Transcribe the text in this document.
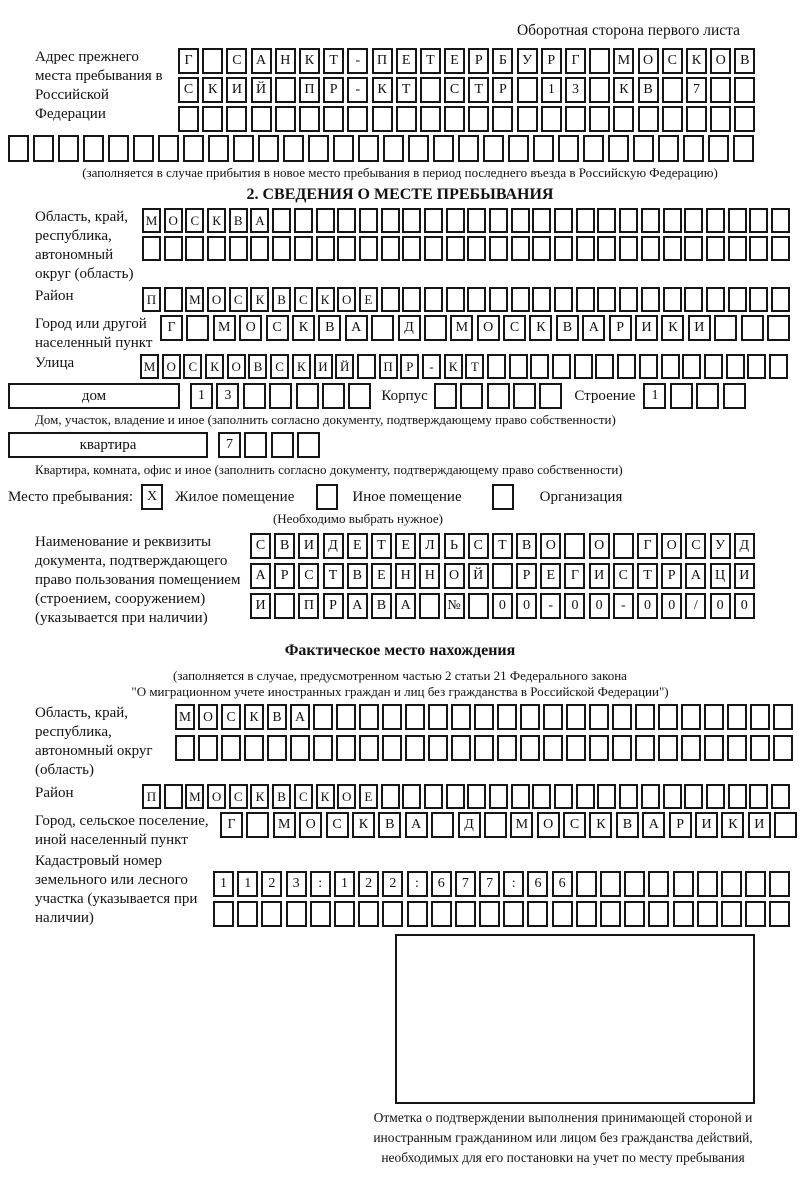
Оборотная сторона первого листа
Адрес прежнего места пребывания в Российской Федерации
Г	С	А	Н	К	Т	-	П	Е	Т	Е	Р	Б	У	Р	Г	М О	С	К	О	В
С	К	И	Й	П	Р	-	К	Т	С	Т	Р	1	3	К	В	7
(заполняется в случае прибытия в новое место пребывания в период последнего въезда в Российскую Федерацию)
2. СВЕДЕНИЯ О МЕСТЕ ПРЕБЫВАНИЯ
Область, край, республика, автономный округ (область)
М О С	К	В А
Район	П	М О С	К	В	С	К О	Е
Город или другой населенный пункт
Г	М	О	С	К	В	А	Д	М	О	С	К	В	А	Р	И	К	И
Улица	М О С	К О В	С	К И Й	П	Р	-	К	Т
дом	1	3	Корпус	Строение	1
Дом, участок, владение и иное (заполнить согласно документу, подтверждающему право собственности)
квартира	7
Квартира, комната, офис и иное (заполнить согласно документу, подтверждающему право собственности)
Место пребывания: X	Жилое помещение	Иное помещение	Организация
(Необходимо выбрать нужное)
Наименование и реквизиты документа, подтверждающего право пользования помещением (строением, сооружением) (указывается при наличии)
С	В	И	Д	Е	Т	Е	Л	Ь	С	Т	В	О	О	Г	О	С	У	Д
А	Р	С	Т	В	Е	Н	Н	О	Й	Р	Е	Г	И	С	Т	Р	А	Ц	И
И	П	Р	А	В	А	№	0	0	-	0	0	-	0	0	/	0	0
Фактическое место нахождения
(заполняется в случае, предусмотренном частью 2 статьи 21 Федерального закона
"О миграционном учете иностранных граждан и лиц без гражданства в Российской Федерации")
Область, край, республика, автономный округ (область)
М О	С	К	В	А
Район	П	М О С	К	В	С	К О	Е
Город, сельское поселение, иной населенный пункт
Г	М	О	С	К	В	А	Д	М	О	С	К	В	А	Р	И	К	И
Кадастровый номер земельного или лесного участка (указывается при наличии)
1	1	2	3	:	1	2	2	:	6	7	7	:	6	6
Отметка о подтверждении выполнения принимающей стороной и иностранным гражданином или лицом без гражданства действий, необходимых для его постановки на учет по месту пребывания
